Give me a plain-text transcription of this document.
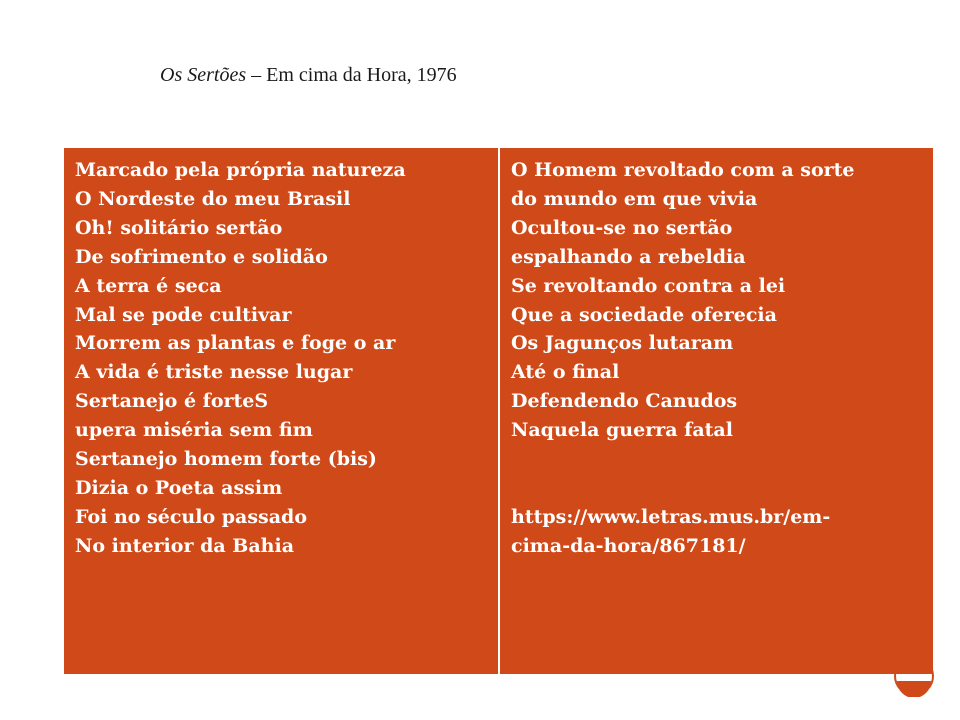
Os Sertões – Em cima da Hora, 1976
Marcado pela própria natureza
O Nordeste do meu Brasil
Oh! solitário sertão
De sofrimento e solidão
A terra é seca
Mal se pode cultivar
Morrem as plantas e foge o ar
A vida é triste nesse lugar
Sertanejo é forteS
upera miséria sem fim
Sertanejo homem forte (bis)
Dizia o Poeta assim
Foi no século passado
No interior da Bahia
O Homem revoltado com a sorte
do mundo em que vivia
Ocultou-se no sertão
espalhando a rebeldia
Se revoltando contra a lei
Que a sociedade oferecia
Os Jagunços lutaram
Até o final
Defendendo Canudos
Naquela guerra fatal
https://www.letras.mus.br/em-
cima-da-hora/867181/
